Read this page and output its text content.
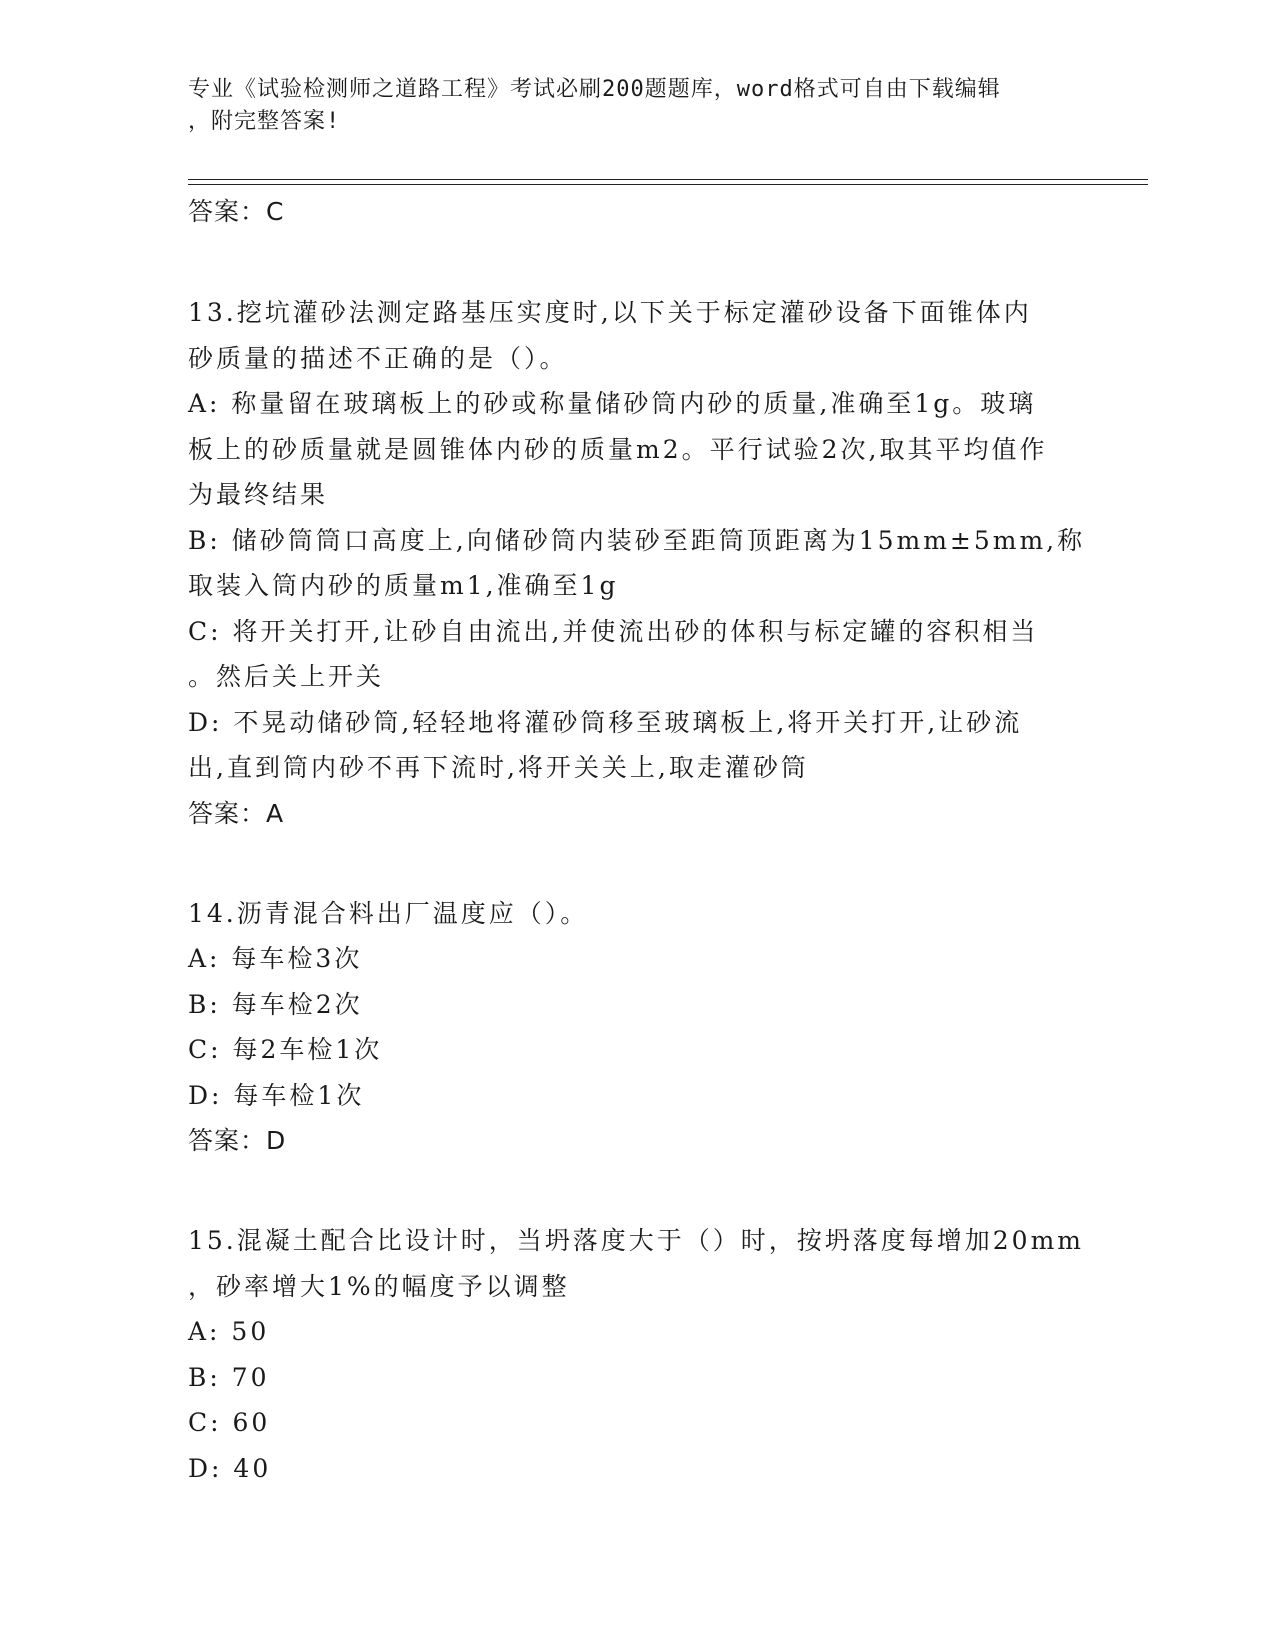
专业《试验检测师之道路工程》考试必刷200题题库，word格式可自由下载编辑
，附完整答案!

答案：C

13.挖坑灌砂法测定路基压实度时,以下关于标定灌砂设备下面锥体内

砂质量的描述不正确的是（）。

A: 称量留在玻璃板上的砂或称量储砂筒内砂的质量,准确至1g。玻璃

板上的砂质量就是圆锥体内砂的质量m2。平行试验2次,取其平均值作

为最终结果

B: 储砂筒筒口高度上,向储砂筒内装砂至距筒顶距离为15mm±5mm,称

取装入筒内砂的质量m1,准确至1g

C: 将开关打开,让砂自由流出,并使流出砂的体积与标定罐的容积相当

。然后关上开关

D: 不晃动储砂筒,轻轻地将灌砂筒移至玻璃板上,将开关打开,让砂流

出,直到筒内砂不再下流时,将开关关上,取走灌砂筒

答案：A

14.沥青混合料出厂温度应（）。

A: 每车检3次

B: 每车检2次

C: 每2车检1次

D: 每车检1次

答案：D

15.混凝土配合比设计时，当坍落度大于（）时，按坍落度每增加20mm

，砂率增大1%的幅度予以调整

A: 50

B: 70

C: 60

D: 40
